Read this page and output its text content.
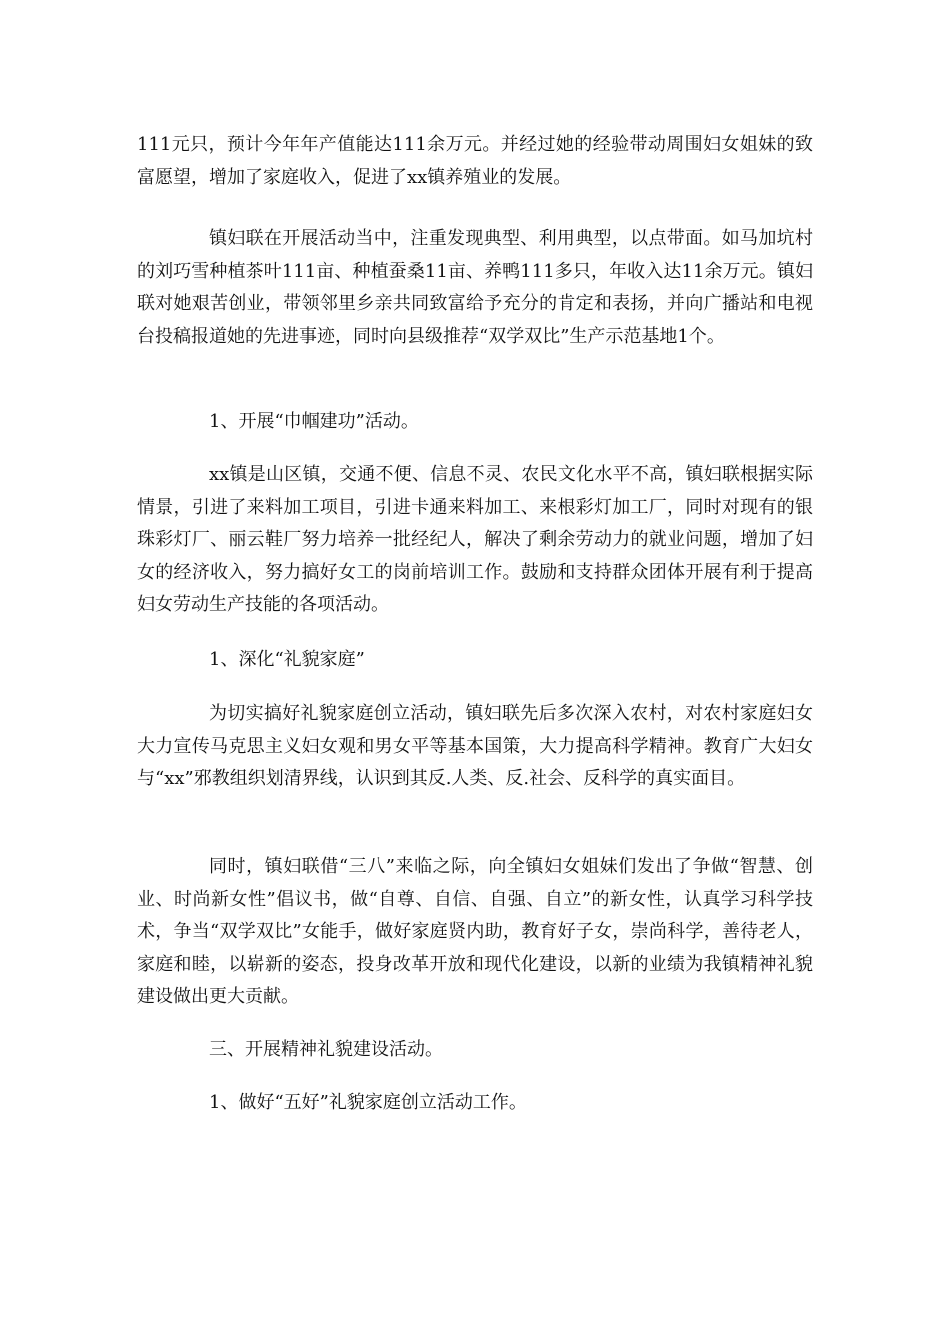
111元只，预计今年年产值能达111余万元。并经过她的经验带动周围妇女姐妹的致富愿望，增加了家庭收入，促进了xx镇养殖业的发展。

镇妇联在开展活动当中，注重发现典型、利用典型，以点带面。如马加坑村的刘巧雪种植茶叶111亩、种植蚕桑11亩、养鸭111多只，年收入达11余万元。镇妇联对她艰苦创业，带领邻里乡亲共同致富给予充分的肯定和表扬，并向广播站和电视台投稿报道她的先进事迹，同时向县级推荐“双学双比”生产示范基地1个。

1、开展“巾帼建功”活动。

xx镇是山区镇，交通不便、信息不灵、农民文化水平不高，镇妇联根据实际情景，引进了来料加工项目，引进卡通来料加工、来根彩灯加工厂，同时对现有的银珠彩灯厂、丽云鞋厂努力培养一批经纪人，解决了剩余劳动力的就业问题，增加了妇女的经济收入，努力搞好女工的岗前培训工作。鼓励和支持群众团体开展有利于提高妇女劳动生产技能的各项活动。

1、深化“礼貌家庭”

为切实搞好礼貌家庭创立活动，镇妇联先后多次深入农村，对农村家庭妇女大力宣传马克思主义妇女观和男女平等基本国策，大力提高科学精神。教育广大妇女与“xx”邪教组织划清界线，认识到其反.人类、反.社会、反科学的真实面目。

同时，镇妇联借“三八”来临之际，向全镇妇女姐妹们发出了争做“智慧、创业、时尚新女性”倡议书，做“自尊、自信、自强、自立”的新女性，认真学习科学技术，争当“双学双比”女能手，做好家庭贤内助，教育好子女，崇尚科学，善待老人，家庭和睦，以崭新的姿态，投身改革开放和现代化建设，以新的业绩为我镇精神礼貌建设做出更大贡献。

三、开展精神礼貌建设活动。

1、做好“五好”礼貌家庭创立活动工作。
